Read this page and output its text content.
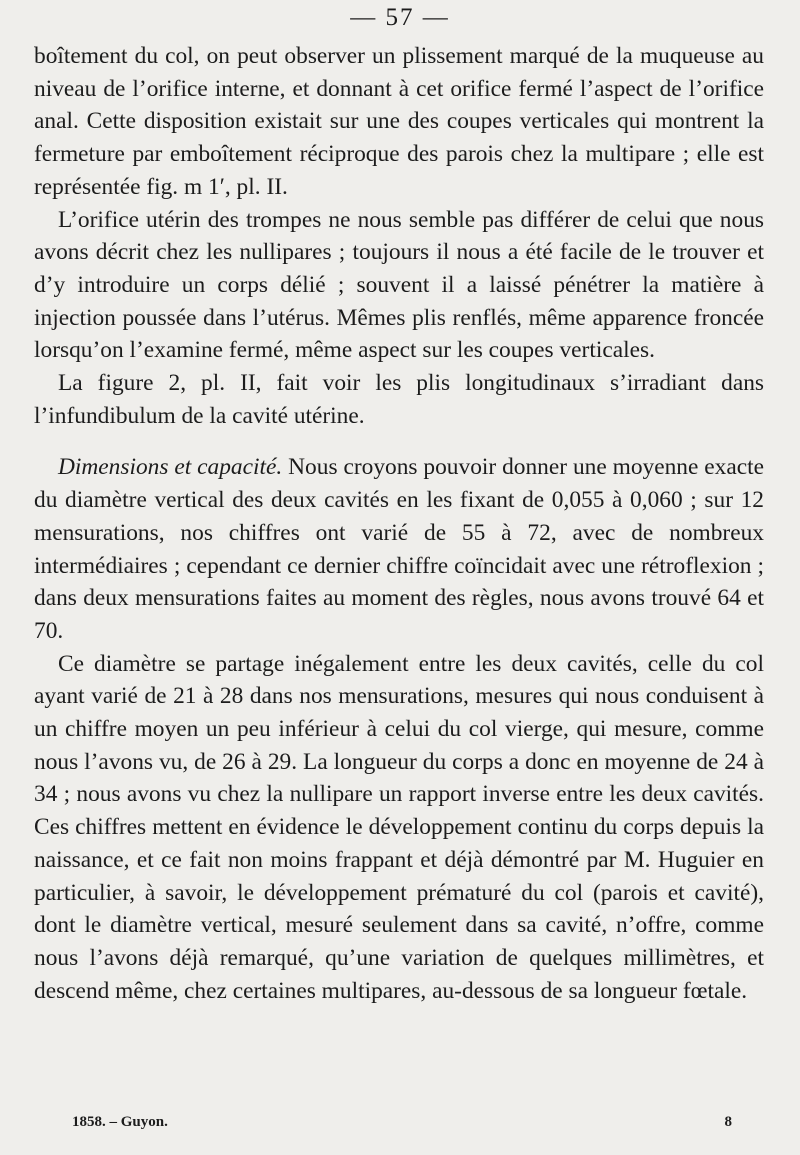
— 57 —

boîtement du col, on peut observer un plissement marqué de la muqueuse au niveau de l’orifice interne, et donnant à cet orifice fermé l’aspect de l’orifice anal. Cette disposition existait sur une des coupes verticales qui montrent la fermeture par emboîtement réciproque des parois chez la multipare ; elle est représentée fig. m 1′, pl. II.

L’orifice utérin des trompes ne nous semble pas différer de celui que nous avons décrit chez les nullipares ; toujours il nous a été facile de le trouver et d’y introduire un corps délié ; souvent il a laissé pénétrer la matière à injection poussée dans l’utérus. Mêmes plis renflés, même apparence froncée lorsqu’on l’examine fermé, même aspect sur les coupes verticales.

La figure 2, pl. II, fait voir les plis longitudinaux s’irradiant dans l’infundibulum de la cavité utérine.

Dimensions et capacité. Nous croyons pouvoir donner une moyenne exacte du diamètre vertical des deux cavités en les fixant de 0,055 à 0,060 ; sur 12 mensurations, nos chiffres ont varié de 55 à 72, avec de nombreux intermédiaires ; cependant ce dernier chiffre coïncidait avec une rétroflexion ; dans deux mensurations faites au moment des règles, nous avons trouvé 64 et 70.

Ce diamètre se partage inégalement entre les deux cavités, celle du col ayant varié de 21 à 28 dans nos mensurations, mesures qui nous conduisent à un chiffre moyen un peu inférieur à celui du col vierge, qui mesure, comme nous l’avons vu, de 26 à 29. La longueur du corps a donc en moyenne de 24 à 34 ; nous avons vu chez la nullipare un rapport inverse entre les deux cavités. Ces chiffres mettent en évidence le développement continu du corps depuis la naissance, et ce fait non moins frappant et déjà démontré par M. Huguier en particulier, à savoir, le développement prématuré du col (parois et cavité), dont le diamètre vertical, mesuré seulement dans sa cavité, n’offre, comme nous l’avons déjà remarqué, qu’une variation de quelques millimètres, et descend même, chez certaines multipares, au-dessous de sa longueur fœtale.

1858. – Guyon.	8
